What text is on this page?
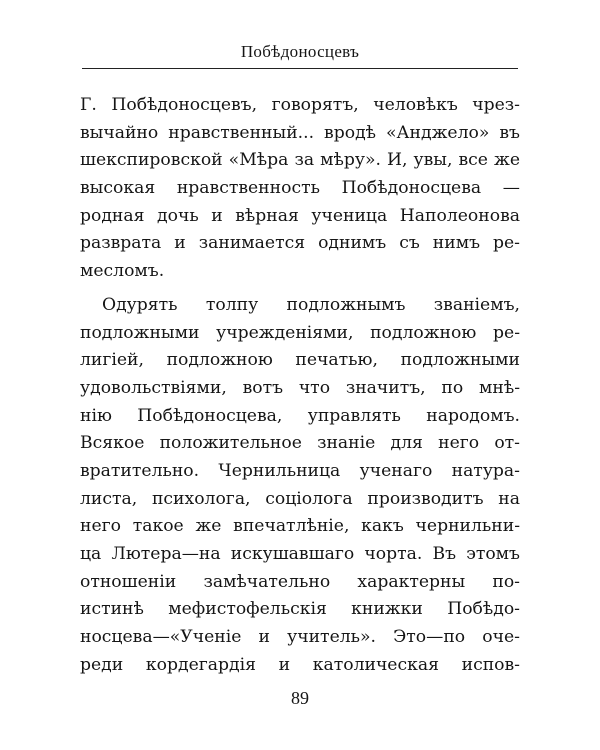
Побѣдоносцевъ
Г. Побѣдоносцевъ, говорятъ, человѣкъ чрез-
вычайно нравственный... вродѣ «Анджело» въ
шекспировской «Мѣра за мѣру». И, увы, все же
высокая нравственность Побѣдоносцева —
родная дочь и вѣрная ученица Наполеонова
разврата и занимается однимъ съ нимъ ре-
месломъ.
Одурять толпу подложнымъ званіемъ,
подложными учрежденіями, подложною ре-
лигіей, подложною печатью, подложными
удовольствіями, вотъ что значитъ, по мнѣ-
нію Побѣдоносцева, управлять народомъ.
Всякое положительное знаніе для него от-
вратительно. Чернильница ученаго натура-
листа, психолога, соціолога производитъ на
него такое же впечатлѣніе, какъ чернильни-
ца Лютера—на искушавшаго чорта. Въ этомъ
отношеніи замѣчательно характерны по-
истинѣ мефистофельскія книжки Побѣдо-
носцева—«Ученіе и учитель». Это—по оче-
реди кордегардія и католическая испов-
89
